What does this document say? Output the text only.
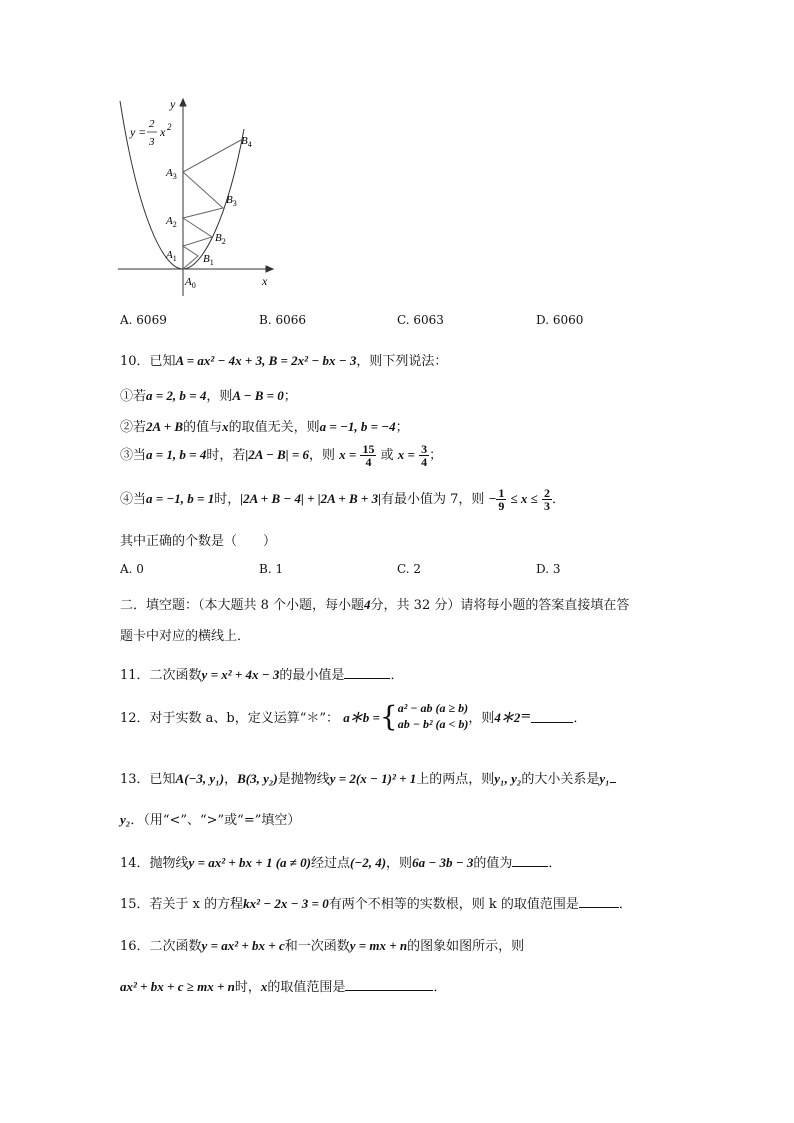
y =
2
3
x 2
x
y
$A_0$
$A_1$
$A_2$
$A_3$
$B_1$
$B_2$
$B_3$
$B_4$
A. 6069	B. 6066	C. 6063	D. 6060
10．已知A = ax² − 4x + 3, B = 2x² − bx − 3，则下列说法：
①若a = 2, b = 4，则A − B = 0；
②若2A + B的值与x的取值无关，则a = −1, b = −4；
③当a = 1, b = 4时，若|2A − B| = 6，则 $x = \frac{15}{4}$ 或 $x = \frac{3}{4}$ ；
④当a = −1, b = 1时，|2A + B − 4| + |2A + B + 3|有最小值为 7，则 − $\frac{1}{9} \le x \le \frac{2}{3}$ ．
其中正确的个数是（　　）
A. 0	B. 1	C. 2	D. 3
二．填空题：（本大题共 8 个小题，每小题4分，共 32 分）请将每小题的答案直接填在答
题卡中对应的横线上．
11．二次函数y = x² + 4x − 3的最小值是	．
12．对于实数 a、b，定义运算“＊”： a＊b ={ a² − ab (a ≥ b)
ab − b² (a < b) ，则4＊2=	．
13．已知A(−3, y₁)，B(3, y₂)是抛物线y = 2(x − 1)² + 1上的两点，则y₁, y₂的大小关系是y₁
y₂．（用“<”、“>”或“=”填空）
14．抛物线y = ax² + bx + 1 (a ≠ 0)经过点(−2, 4)，则6a − 3b − 3的值为	．
15．若关于 x 的方程kx² − 2x − 3 = 0有两个不相等的实数根，则 k 的取值范围是	．
16．二次函数y = ax² + bx + c和一次函数y = mx + n的图象如图所示，则
ax² + bx + c ≥ mx + n时，x的取值范围是	．
